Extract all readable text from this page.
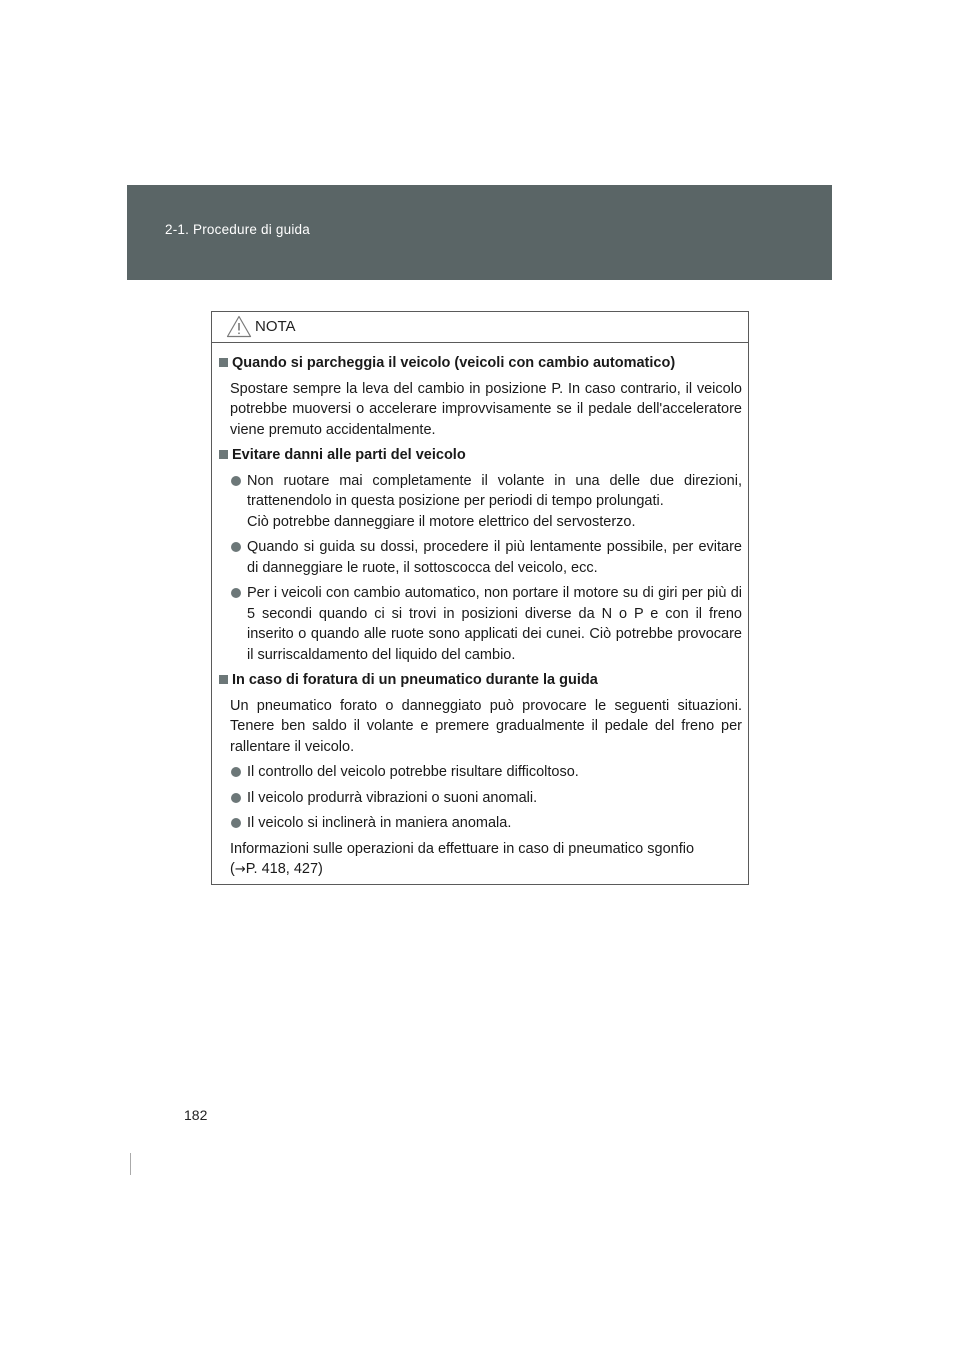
2-1. Procedure di guida
NOTA
Quando si parcheggia il veicolo (veicoli con cambio automatico)
Spostare sempre la leva del cambio in posizione P. In caso contrario, il veicolo potrebbe muoversi o accelerare improvvisamente se il pedale dell'acceleratore viene premuto accidentalmente.
Evitare danni alle parti del veicolo
Non ruotare mai completamente il volante in una delle due direzioni, trattenendolo in questa posizione per periodi di tempo prolungati.
Ciò potrebbe danneggiare il motore elettrico del servosterzo.
Quando si guida su dossi, procedere il più lentamente possibile, per evitare di danneggiare le ruote, il sottoscocca del veicolo, ecc.
Per i veicoli con cambio automatico, non portare il motore su di giri per più di 5 secondi quando ci si trovi in posizioni diverse da N o P e con il freno inserito o quando alle ruote sono applicati dei cunei. Ciò potrebbe provocare il surriscaldamento del liquido del cambio.
In caso di foratura di un pneumatico durante la guida
Un pneumatico forato o danneggiato può provocare le seguenti situazioni. Tenere ben saldo il volante e premere gradualmente il pedale del freno per rallentare il veicolo.
Il controllo del veicolo potrebbe risultare difficoltoso.
Il veicolo produrrà vibrazioni o suoni anomali.
Il veicolo si inclinerà in maniera anomala.
Informazioni sulle operazioni da effettuare in caso di pneumatico sgonfio
(→P. 418, 427)
182
